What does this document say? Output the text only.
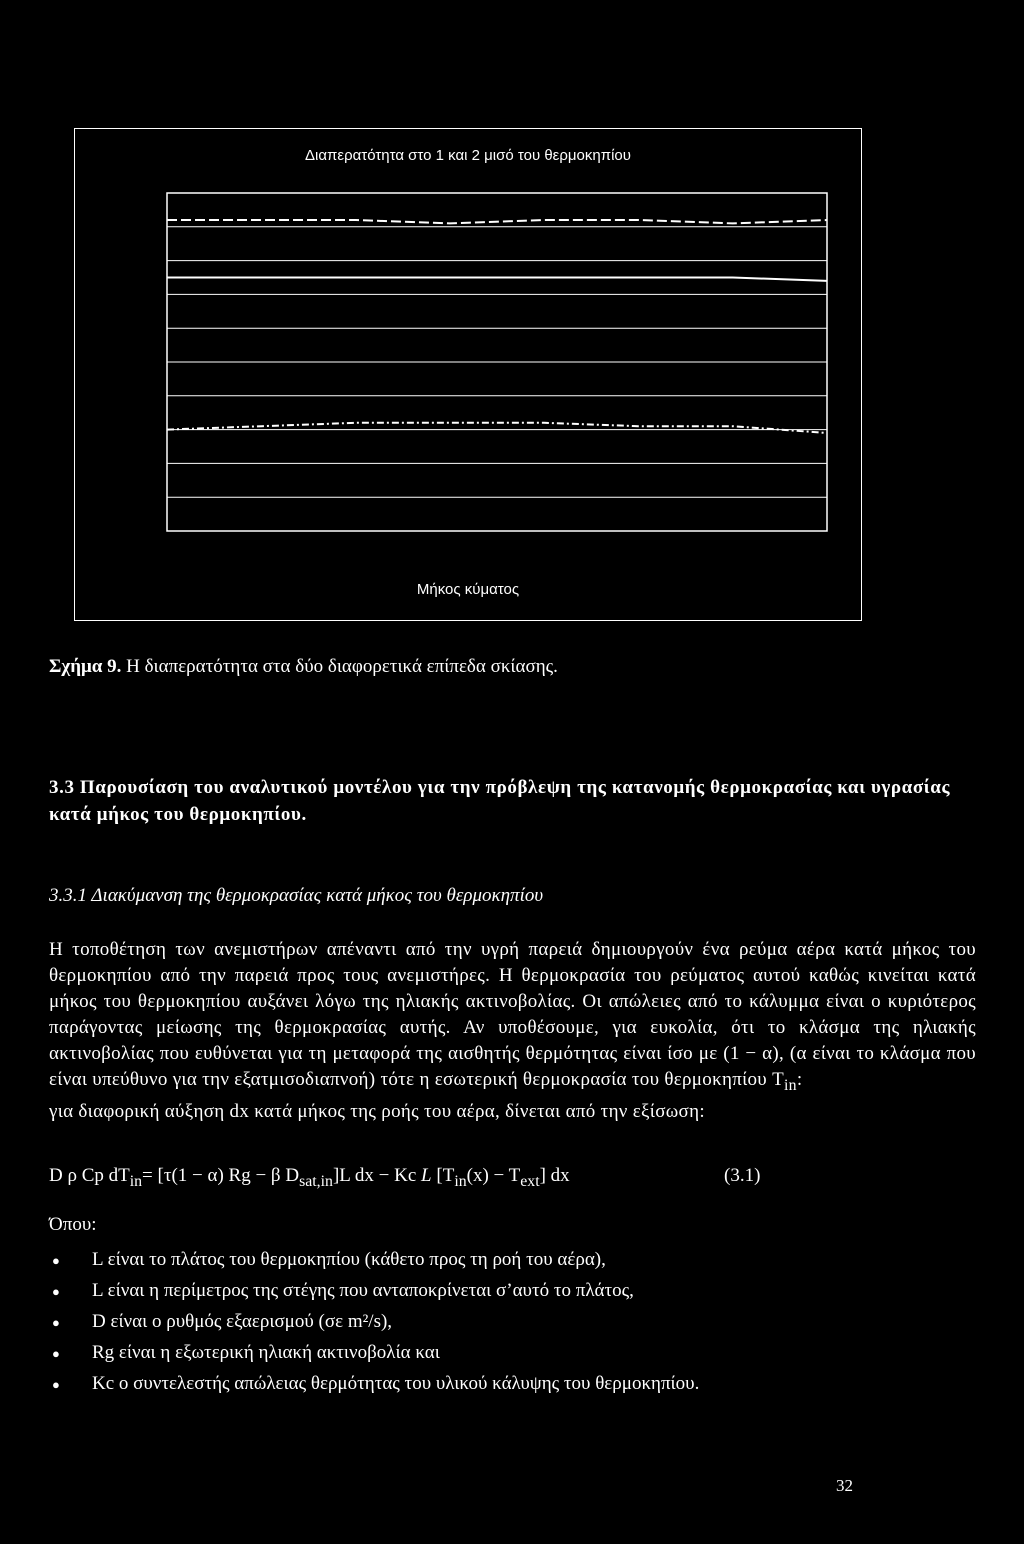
Διαπερατότητα στο 1 και 2 μισό του θερμοκηπίου
Μήκος κύματος
Σχήμα 9. Η διαπερατότητα στα δύο διαφορετικά επίπεδα σκίασης.
3.3 Παρουσίαση του αναλυτικού μοντέλου για την πρόβλεψη της κατανομής θερμοκρασίας και υγρασίας κατά μήκος του θερμοκηπίου.
3.3.1 Διακύμανση της θερμοκρασίας κατά μήκος του θερμοκηπίου
Η τοποθέτηση των ανεμιστήρων απέναντι από την υγρή παρειά δημιουργούν ένα ρεύμα αέρα κατά μήκος του θερμοκηπίου από την παρειά προς τους ανεμιστήρες. Η θερμοκρασία του ρεύματος αυτού καθώς κινείται κατά μήκος του θερμοκηπίου αυξάνει λόγω της ηλιακής ακτινοβολίας. Οι απώλειες από το κάλυμμα είναι ο κυριότερος παράγοντας μείωσης της θερμοκρασίας αυτής. Αν υποθέσουμε, για ευκολία, ότι το κλάσμα της ηλιακής ακτινοβολίας που ευθύνεται για τη μεταφορά της αισθητής θερμότητας είναι ίσο με (1 − α), (α είναι το κλάσμα που είναι υπεύθυνο για την εξατμισοδιαπνοή) τότε η εσωτερική θερμοκρασία του θερμοκηπίου $T_{in}$:
για διαφορική αύξηση dx κατά μήκος της ροής του αέρα, δίνεται από την εξίσωση:
D ρ Cp $dT_{in}= [\tau(1 - \alpha) Rg - \beta$ $D_{sat,in}]L$ dx − Kc L $[T_{in}(x) - T_{ext}]$ dx	(3.1)
Όπου:
● L είναι το πλάτος του θερμοκηπίου (κάθετο προς τη ροή του αέρα),
● L είναι η περίμετρος της στέγης που ανταποκρίνεται σ’αυτό το πλάτος,
● D είναι ο ρυθμός εξαερισμού (σε m²/s),
● Rg είναι η εξωτερική ηλιακή ακτινοβολία και
● Kc ο συντελεστής απώλειας θερμότητας του υλικού κάλυψης του θερμοκηπίου.
32
